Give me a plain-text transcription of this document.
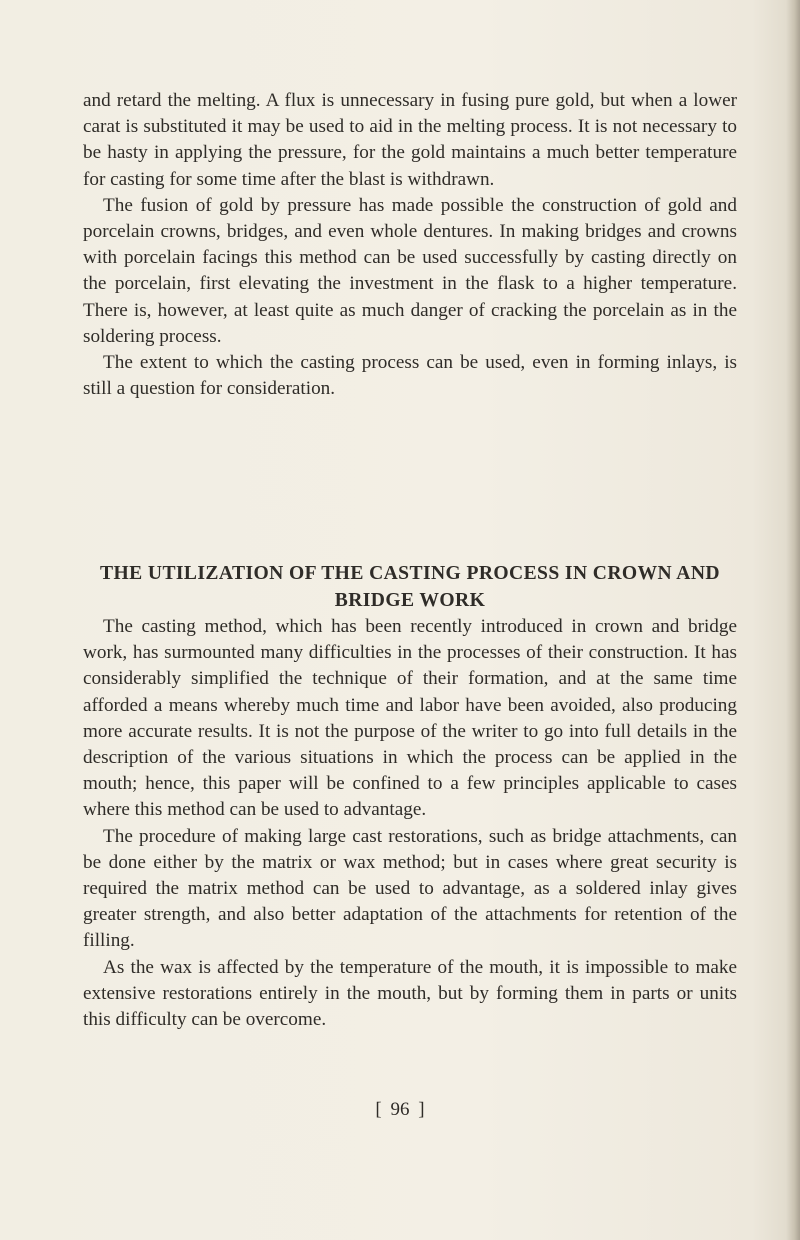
and retard the melting. A flux is unnecessary in fusing pure gold, but when a lower carat is substituted it may be used to aid in the melting process. It is not necessary to be hasty in applying the pressure, for the gold maintains a much better temperature for casting for some time after the blast is withdrawn.

The fusion of gold by pressure has made possible the construction of gold and porcelain crowns, bridges, and even whole dentures. In making bridges and crowns with porcelain facings this method can be used successfully by casting directly on the porcelain, first elevating the investment in the flask to a higher temperature. There is, however, at least quite as much danger of cracking the porcelain as in the soldering process.

The extent to which the casting process can be used, even in forming inlays, is still a question for consideration.

THE UTILIZATION OF THE CASTING PROCESS IN CROWN AND BRIDGE WORK

The casting method, which has been recently introduced in crown and bridge work, has surmounted many difficulties in the processes of their construction. It has considerably simplified the technique of their formation, and at the same time afforded a means whereby much time and labor have been avoided, also producing more accurate results. It is not the purpose of the writer to go into full details in the description of the various situations in which the process can be applied in the mouth; hence, this paper will be confined to a few principles applicable to cases where this method can be used to advantage.

The procedure of making large cast restorations, such as bridge attachments, can be done either by the matrix or wax method; but in cases where great security is required the matrix method can be used to advantage, as a soldered inlay gives greater strength, and also better adaptation of the attachments for retention of the filling.

As the wax is affected by the temperature of the mouth, it is impossible to make extensive restorations entirely in the mouth, but by forming them in parts or units this difficulty can be overcome.

[ 96 ]
